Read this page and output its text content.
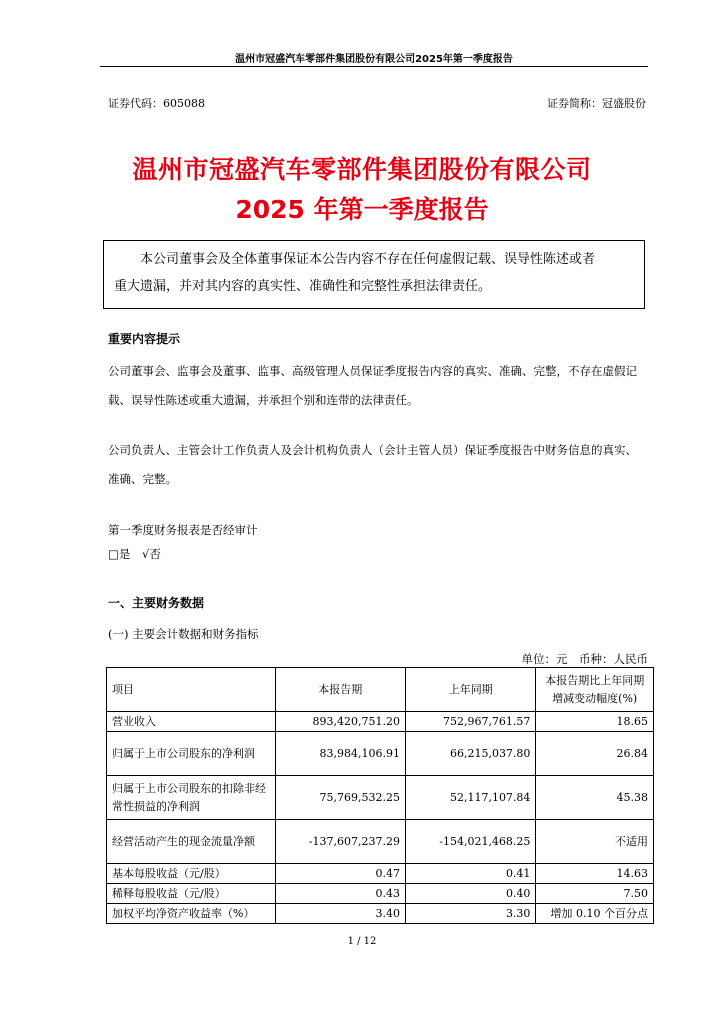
温州市冠盛汽车零部件集团股份有限公司2025年第一季度报告
证券代码：605088	证券简称：冠盛股份
温州市冠盛汽车零部件集团股份有限公司
2025 年第一季度报告
本公司董事会及全体董事保证本公告内容不存在任何虚假记载、误导性陈述或者
重大遗漏，并对其内容的真实性、准确性和完整性承担法律责任。
重要内容提示
公司董事会、监事会及董事、监事、高级管理人员保证季度报告内容的真实、准确、完整，不存在虚假记载、误导性陈述或重大遗漏，并承担个别和连带的法律责任。
公司负责人、主管会计工作负责人及会计机构负责人（会计主管人员）保证季度报告中财务信息的真实、准确、完整。
第一季度财务报表是否经审计
□是 √否
一、主要财务数据
(一) 主要会计数据和财务指标
单位：元　币种：人民币
项目	本报告期	上年同期	本报告期比上年同期增减变动幅度(%)
营业收入	893,420,751.20	752,967,761.57	18.65
归属于上市公司股东的净利润	83,984,106.91	66,215,037.80	26.84
归属于上市公司股东的扣除非经常性损益的净利润	75,769,532.25	52,117,107.84	45.38
经营活动产生的现金流量净额	-137,607,237.29	-154,021,468.25	不适用
基本每股收益（元/股）	0.47	0.41	14.63
稀释每股收益（元/股）	0.43	0.40	7.50
加权平均净资产收益率（%）	3.40	3.30	增加 0.10 个百分点
1 / 12
